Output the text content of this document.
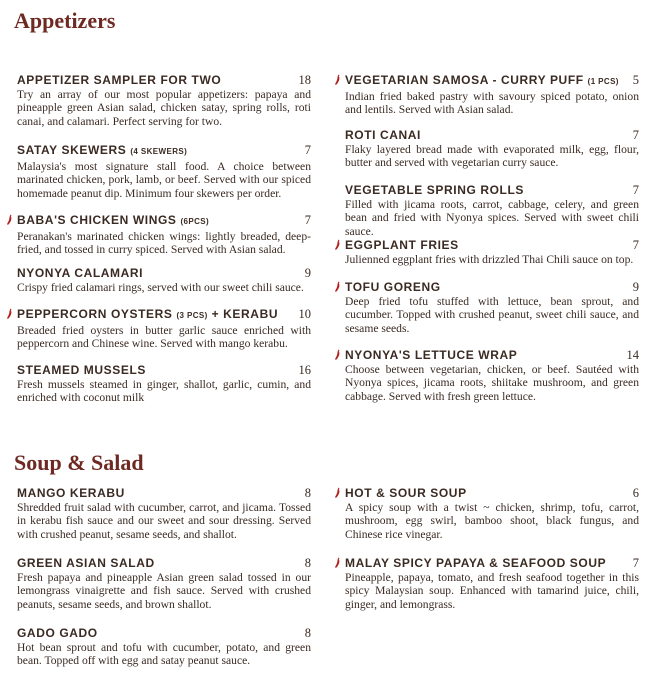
Appetizers
Soup & Salad
APPETIZER SAMPLER FOR TWO	18
Try an array of our most popular appetizers: papaya and pineapple green Asian salad, chicken satay, spring rolls, roti canai, and calamari. Perfect serving for two.
SATAY SKEWERS (4 SKEWERS)	7
Malaysia's most signature stall food. A choice between marinated chicken, pork, lamb, or beef. Served with our spiced homemade peanut dip. Minimum four skewers per order.
BABA'S CHICKEN WINGS (6PCS)	7
Peranakan's marinated chicken wings: lightly breaded, deep-fried, and tossed in curry spiced. Served with Asian salad.
NYONYA CALAMARI	9
Crispy fried calamari rings, served with our sweet chili sauce.
PEPPERCORN OYSTERS (3 PCS) + KERABU 10
Breaded fried oysters in butter garlic sauce enriched with peppercorn and Chinese wine. Served with mango kerabu.
STEAMED MUSSELS	16
Fresh mussels steamed in ginger, shallot, garlic, cumin, and enriched with coconut milk
VEGETARIAN SAMOSA - CURRY PUFF (1 PCS) 5
Indian fried baked pastry with savoury spiced potato, onion and lentils. Served with Asian salad.
ROTI CANAI	7
Flaky layered bread made with evaporated milk, egg, flour, butter and served with vegetarian curry sauce.
VEGETABLE SPRING ROLLS	7
Filled with jicama roots, carrot, cabbage, celery, and green bean and fried with Nyonya spices. Served with sweet chili sauce.
EGGPLANT FRIES	7
Julienned eggplant fries with drizzled Thai Chili sauce on top.
TOFU GORENG	9
Deep fried tofu stuffed with lettuce, bean sprout, and cucumber. Topped with crushed peanut, sweet chili sauce, and sesame seeds.
NYONYA'S LETTUCE WRAP	14
Choose between vegetarian, chicken, or beef. Sautéed with Nyonya spices, jicama roots, shiitake mushroom, and green cabbage. Served with fresh green lettuce.
MANGO KERABU	8
Shredded fruit salad with cucumber, carrot, and jicama. Tossed in kerabu fish sauce and our sweet and sour dressing. Served with crushed peanut, sesame seeds, and shallot.
GREEN ASIAN SALAD	8
Fresh papaya and pineapple Asian green salad tossed in our lemongrass vinaigrette and fish sauce. Served with crushed peanuts, sesame seeds, and brown shallot.
GADO GADO	8
Hot bean sprout and tofu with cucumber, potato, and green bean. Topped off with egg and satay peanut sauce.
HOT & SOUR SOUP	6
A spicy soup with a twist ~ chicken, shrimp, tofu, carrot, mushroom, egg swirl, bamboo shoot, black fungus, and Chinese rice vinegar.
MALAY SPICY PAPAYA & SEAFOOD SOUP 7
Pineapple, papaya, tomato, and fresh seafood together in this spicy Malaysian soup. Enhanced with tamarind juice, chili, ginger, and lemongrass.
